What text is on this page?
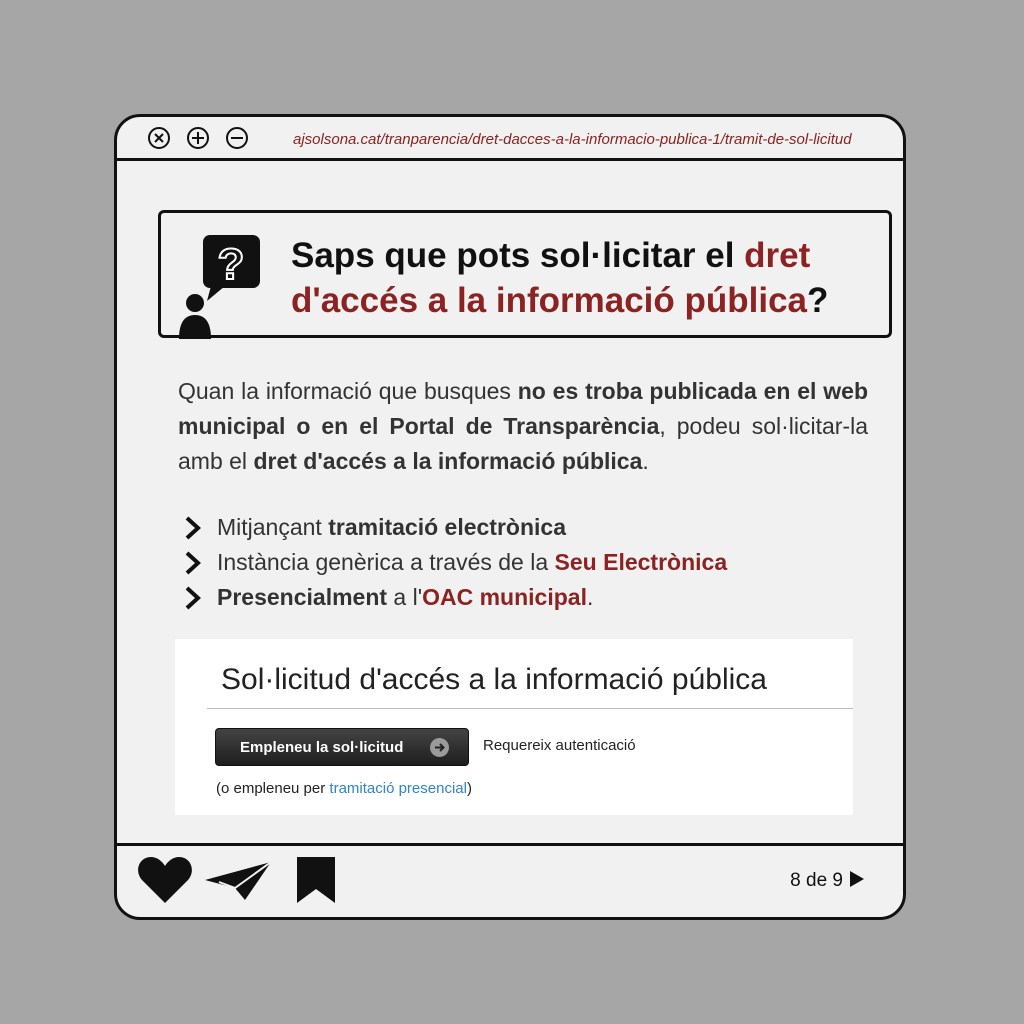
ajsolsona.cat/tranparencia/dret-dacces-a-la-informacio-publica-1/tramit-de-sol-licitud
? Saps que pots sol·licitar el dret d'accés a la informació pública?
Quan la informació que busques no es troba publicada en el web municipal o en el Portal de Transparència, podeu sol·licitar-la amb el dret d'accés a la informació pública.
Mitjançant tramitació electrònica
Instància genèrica a través de la Seu Electrònica
Presencialment a l'OAC municipal.
Sol·licitud d'accés a la informació pública
Empleneu la sol·licitud	Requereix autenticació
(o empleneu per tramitació presencial)
8 de 9
